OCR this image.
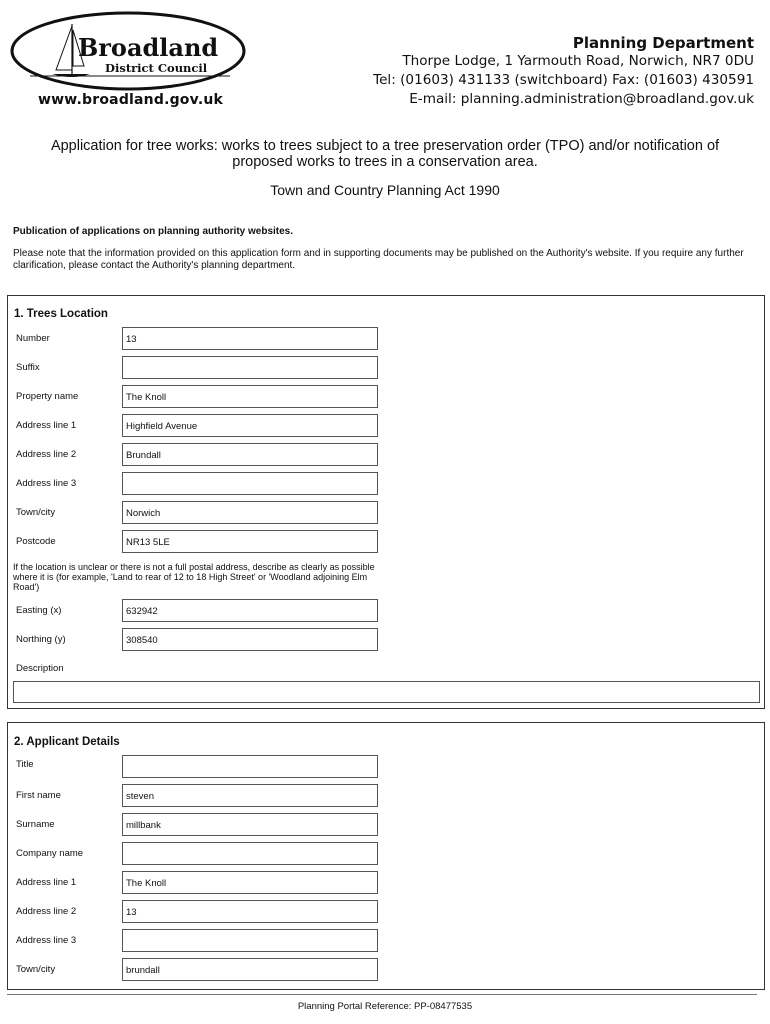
Broadland
District Council
www.broadland.gov.uk
Planning Department
Thorpe Lodge, 1 Yarmouth Road, Norwich, NR7 0DU
Tel: (01603) 431133 (switchboard) Fax: (01603) 430591
E-mail: planning.administration@broadland.gov.uk
Application for tree works: works to trees subject to a tree preservation order (TPO) and/or notification of proposed works to trees in a conservation area.
Town and Country Planning Act 1990
Publication of applications on planning authority websites.
Please note that the information provided on this application form and in supporting documents may be published on the Authority's website. If you require any further clarification, please contact the Authority's planning department.
1. Trees Location
Number	13
Suffix
Property name	The Knoll
Address line 1	Highfield Avenue
Address line 2	Brundall
Address line 3
Town/city	Norwich
Postcode	NR13 5LE
If the location is unclear or there is not a full postal address, describe as clearly as possible where it is (for example, 'Land to rear of 12 to 18 High Street' or 'Woodland adjoining Elm Road')
Easting (x)	632942
Northing (y)	308540
Description
2. Applicant Details
Title
First name	steven
Surname	millbank
Company name
Address line 1	The Knoll
Address line 2	13
Address line 3
Town/city	brundall
Planning Portal Reference: PP-08477535
